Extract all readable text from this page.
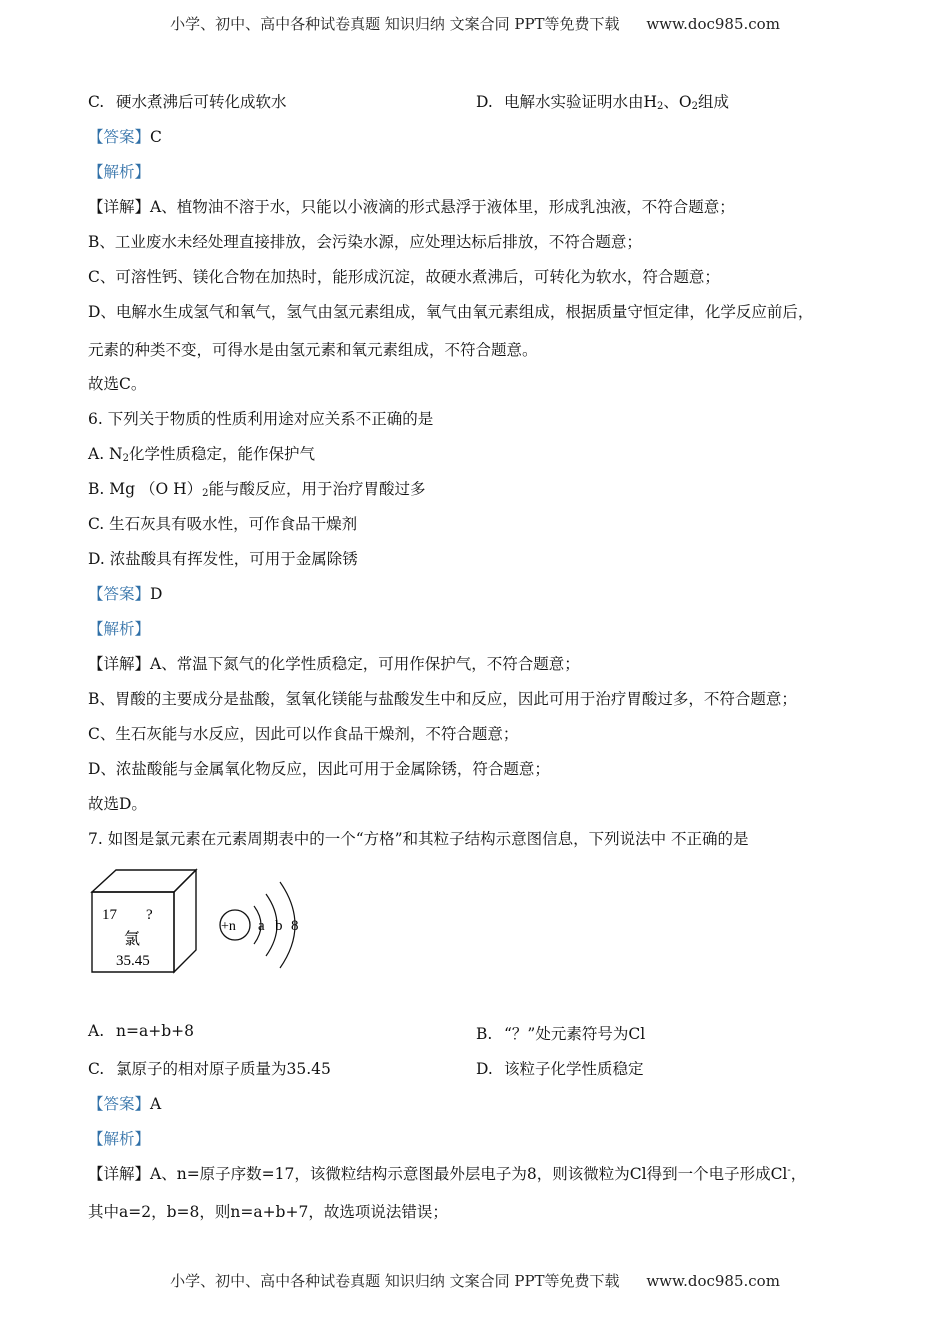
小学、初中、高中各种试卷真题 知识归纳 文案合同 PPT等免费下载 www.doc985.com
C. 硬水煮沸后可转化成软水	D. 电解水实验证明水由$H_2$、$O_2$组成
【答案】C
【解析】
【详解】A、植物油不溶于水，只能以小液滴的形式悬浮于液体里，形成乳浊液，不符合题意；
B、工业废水未经处理直接排放，会污染水源，应处理达标后排放，不符合题意；
C、可溶性钙、镁化合物在加热时，能形成沉淀，故硬水煮沸后，可转化为软水，符合题意；
D、电解水生成氢气和氧气，氢气由氢元素组成，氧气由氧元素组成，根据质量守恒定律，化学反应前后，
元素的种类不变，可得水是由氢元素和氧元素组成，不符合题意。
故选C。
6. 下列关于物质的性质利用途对应关系不正确的是
A. $N_2$化学性质稳定，能作保护气
B. Mg （O $H)_2$能与酸反应，用于治疗胃酸过多
C. 生石灰具有吸水性，可作食品干燥剂
D. 浓盐酸具有挥发性，可用于金属除锈
【答案】D
【解析】
【详解】A、常温下氮气的化学性质稳定，可用作保护气，不符合题意；
B、胃酸的主要成分是盐酸，氢氧化镁能与盐酸发生中和反应，因此可用于治疗胃酸过多，不符合题意；
C、生石灰能与水反应，因此可以作食品干燥剂，不符合题意；
D、浓盐酸能与金属氧化物反应，因此可用于金属除锈，符合题意；
故选D。
7. 如图是氯元素在元素周期表中的一个“方格”和其粒子结构示意图信息，下列说法中 不正确的是
17 ?
氯
35.45
+n a b 8
A. n=a+b+8	B. “？”处元素符号为Cl
C. 氯原子的相对原子质量为35.45	D. 该粒子化学性质稳定
【答案】A
【解析】
【详解】A、n=原子序数=17，该微粒结构示意图最外层电子为8，则该微粒为Cl得到一个电子形成Cl-，
其中a=2，b=8，则n=a+b+7，故选项说法错误；
小学、初中、高中各种试卷真题 知识归纳 文案合同 PPT等免费下载 www.doc985.com
